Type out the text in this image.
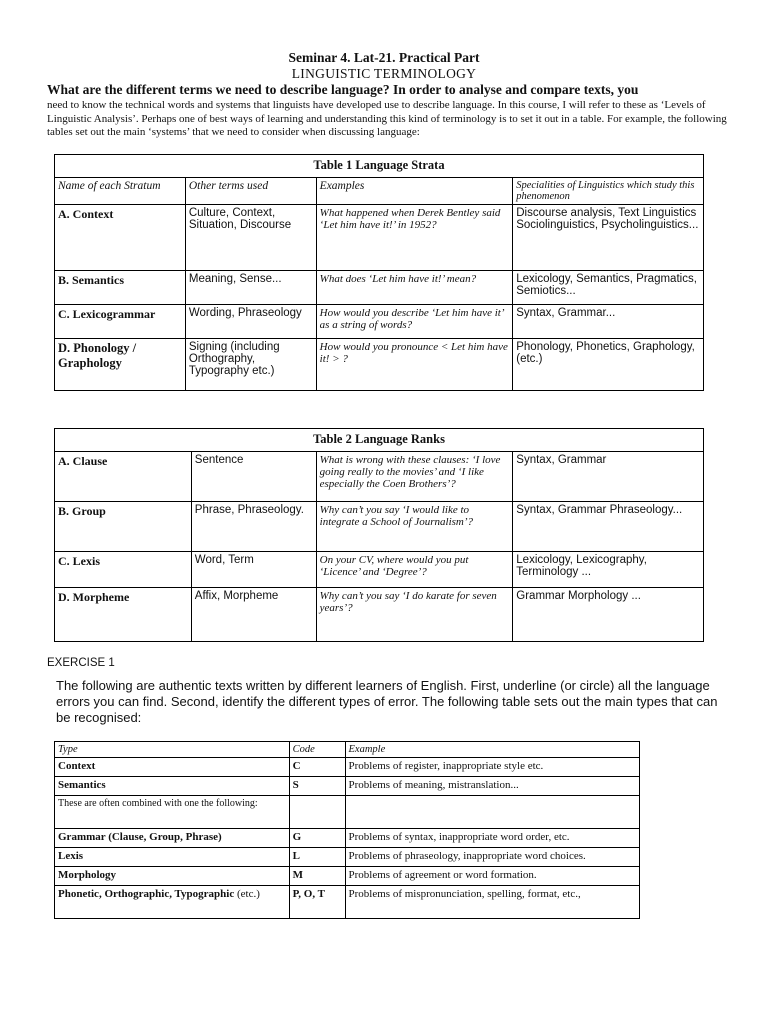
Seminar 4. Lat-21. Practical Part
LINGUISTIC TERMINOLOGY
What are the different terms we need to describe language? In order to analyse and compare texts, you
need to know the technical words and systems that linguists have developed use to describe language. In this course, I will refer to these as ‘Levels of Linguistic Analysis’. Perhaps one of best ways of learning and understanding this kind of terminology is to set it out in a table. For example, the following tables set out the main ‘systems’ that we need to consider when discussing language:
Table 1 Language Strata			
Name of each Stratum	Other terms used	Examples	Specialities of Linguistics which study this phenomenon
A. Context	Culture, Context, Situation, Discourse	What happened when Derek Bentley said ‘Let him have it!’ in 1952?	Discourse analysis, Text Linguistics Sociolinguistics, Psycholinguistics...
B. Semantics	Meaning, Sense...	What does ‘Let him have it!’ mean?	Lexicology, Semantics, Pragmatics, Semiotics...
C. Lexicogrammar	Wording, Phraseology	How would you describe ‘Let him have it’ as a string of words?	Syntax, Grammar...
D. Phonology / Graphology	Signing (including Orthography, Typography etc.)	How would you pronounce < Let him have it! > ?	Phonology, Phonetics, Graphology, (etc.)
Table 2 Language Ranks			
A. Clause	Sentence	What is wrong with these clauses: ‘I love going really to the movies’ and ‘I like especially the Coen Brothers’?	Syntax, Grammar
B. Group	Phrase, Phraseology.	Why can’t you say ‘I would like to integrate a School of Journalism’?	Syntax, Grammar Phraseology...
C. Lexis	Word, Term	On your CV, where would you put ‘Licence’ and ‘Degree’?	Lexicology, Lexicography, Terminology ...
D. Morpheme	Affix, Morpheme	Why can’t you say ‘I do karate for seven years’?	Grammar Morphology ...
EXERCISE 1
The following are authentic texts written by different learners of English. First, underline (or circle) all the language errors you can find. Second, identify the different types of error. The following table sets out the main types that can be recognised:
Type	Code	Example
Context	C	Problems of register, inappropriate style etc.
Semantics	S	Problems of meaning, mistranslation...
These are often combined with one the following:		
Grammar (Clause, Group, Phrase)	G	Problems of syntax, inappropriate word order, etc.
Lexis	L	Problems of phraseology, inappropriate word choices.
Morphology	M	Problems of agreement or word formation.
Phonetic, Orthographic, Typographic (etc.)	P, O, T	Problems of mispronunciation, spelling, format, etc.,
